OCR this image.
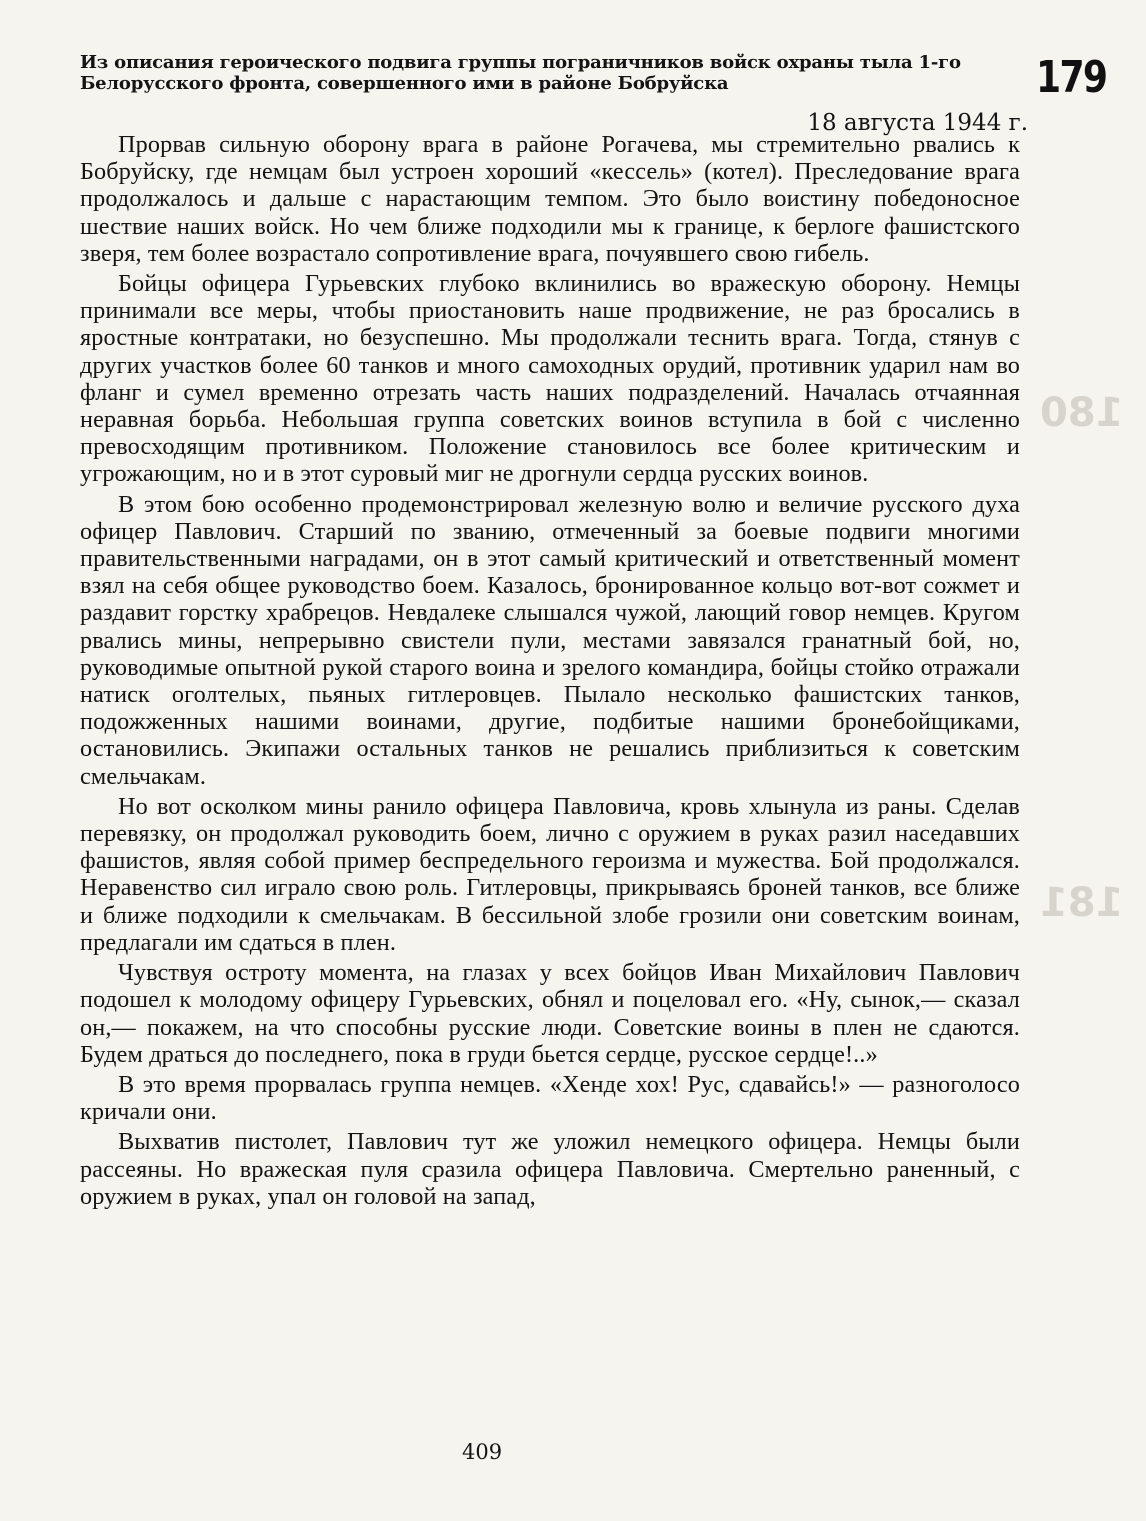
180
181
Из описания героического подвига группы пограничников войск охраны тыла 1-го Белорусского фронта, совершенного ими в районе Бобруйска	179
18 августа 1944 г.

Прорвав сильную оборону врага в районе Рогачева, мы стремительно рвались к Бобруйску, где немцам был устроен хороший «кессель» (котел). Преследование врага продолжалось и дальше с нарастающим темпом. Это было воистину победоносное шествие наших войск. Но чем ближе подходили мы к границе, к берлоге фашистского зверя, тем более возрастало сопротивление врага, почуявшего свою гибель.

Бойцы офицера Гурьевских глубоко вклинились во вражескую оборону. Немцы принимали все меры, чтобы приостановить наше продвижение, не раз бросались в яростные контратаки, но безуспешно. Мы продолжали теснить врага. Тогда, стянув с других участков более 60 танков и много самоходных орудий, противник ударил нам во фланг и сумел временно отрезать часть наших подразделений. Началась отчаянная неравная борьба. Небольшая группа советских воинов вступила в бой с численно превосходящим противником. Положение становилось все более критическим и угрожающим, но и в этот суровый миг не дрогнули сердца русских воинов.

В этом бою особенно продемонстрировал железную волю и величие русского духа офицер Павлович. Старший по званию, отмеченный за боевые подвиги многими правительственными наградами, он в этот самый критический и ответственный момент взял на себя общее руководство боем. Казалось, бронированное кольцо вот-вот сожмет и раздавит горстку храбрецов. Невдалеке слышался чужой, лающий говор немцев. Кругом рвались мины, непрерывно свистели пули, местами завязался гранатный бой, но, руководимые опытной рукой старого воина и зрелого командира, бойцы стойко отражали натиск оголтелых, пьяных гитлеровцев. Пылало несколько фашистских танков, подожженных нашими воинами, другие, подбитые нашими бронебойщиками, остановились. Экипажи остальных танков не решались приблизиться к советским смельчакам.

Но вот осколком мины ранило офицера Павловича, кровь хлынула из раны. Сделав перевязку, он продолжал руководить боем, лично с оружием в руках разил наседавших фашистов, являя собой пример беспредельного героизма и мужества. Бой продолжался. Неравенство сил играло свою роль. Гитлеровцы, прикрываясь броней танков, все ближе и ближе подходили к смельчакам. В бессильной злобе грозили они советским воинам, предлагали им сдаться в плен.

Чувствуя остроту момента, на глазах у всех бойцов Иван Михайлович Павлович подошел к молодому офицеру Гурьевских, обнял и поцеловал его. «Ну, сынок,— сказал он,— покажем, на что способны русские люди. Советские воины в плен не сдаются. Будем драться до последнего, пока в груди бьется сердце, русское сердце!..»

В это время прорвалась группа немцев. «Хенде хох! Рус, сдавайсь!» — разноголосо кричали они.

Выхватив пистолет, Павлович тут же уложил немецкого офицера. Немцы были рассеяны. Но вражеская пуля сразила офицера Павловича. Смертельно раненный, с оружием в руках, упал он головой на запад,

409
